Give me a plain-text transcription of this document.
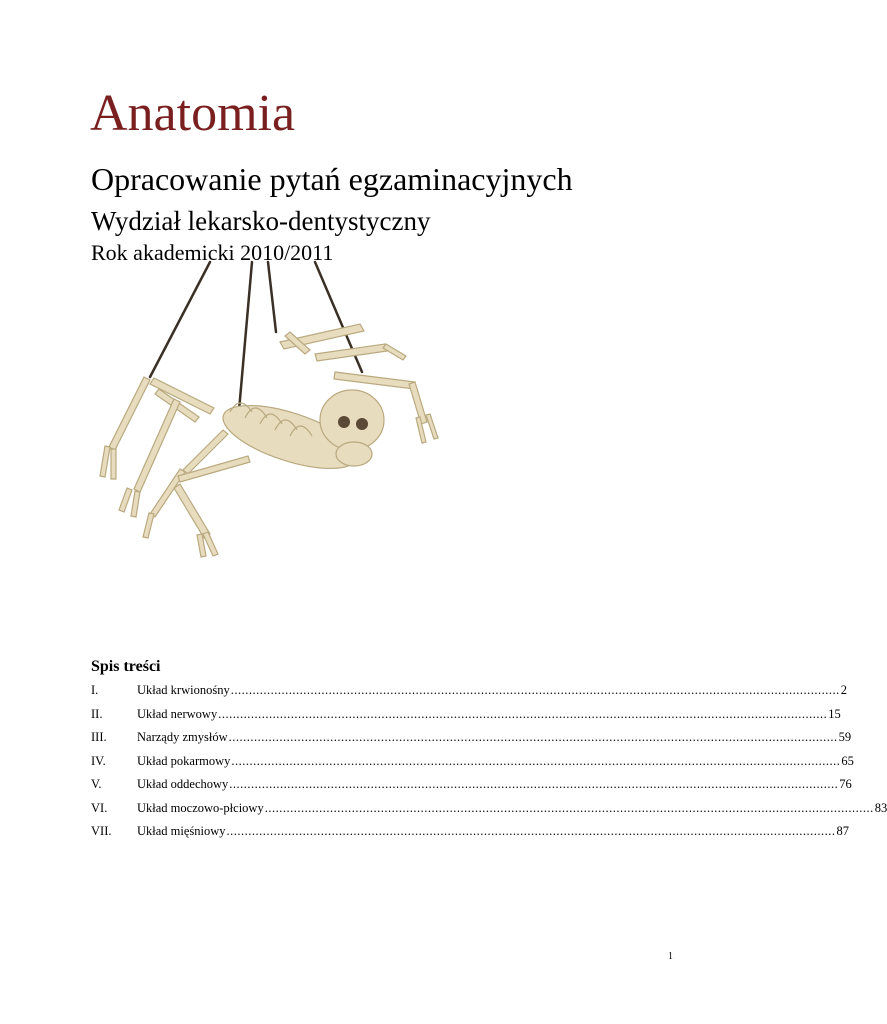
Anatomia
Opracowanie pytań egzaminacyjnych
Wydział lekarsko-dentystyczny
Rok akademicki 2010/2011
Spis treści
I.	Układ krwionośny ........................................................................................................................................................................ 2
II.	Układ nerwowy ........................................................................................................................................................................ 15
III.	Narządy zmysłów ........................................................................................................................................................................ 59
IV.	Układ pokarmowy ........................................................................................................................................................................ 65
V.	Układ oddechowy ........................................................................................................................................................................ 76
VI.	Układ moczowo-płciowy ........................................................................................................................................................................ 83
VII.	Układ mięśniowy ........................................................................................................................................................................ 87
1
